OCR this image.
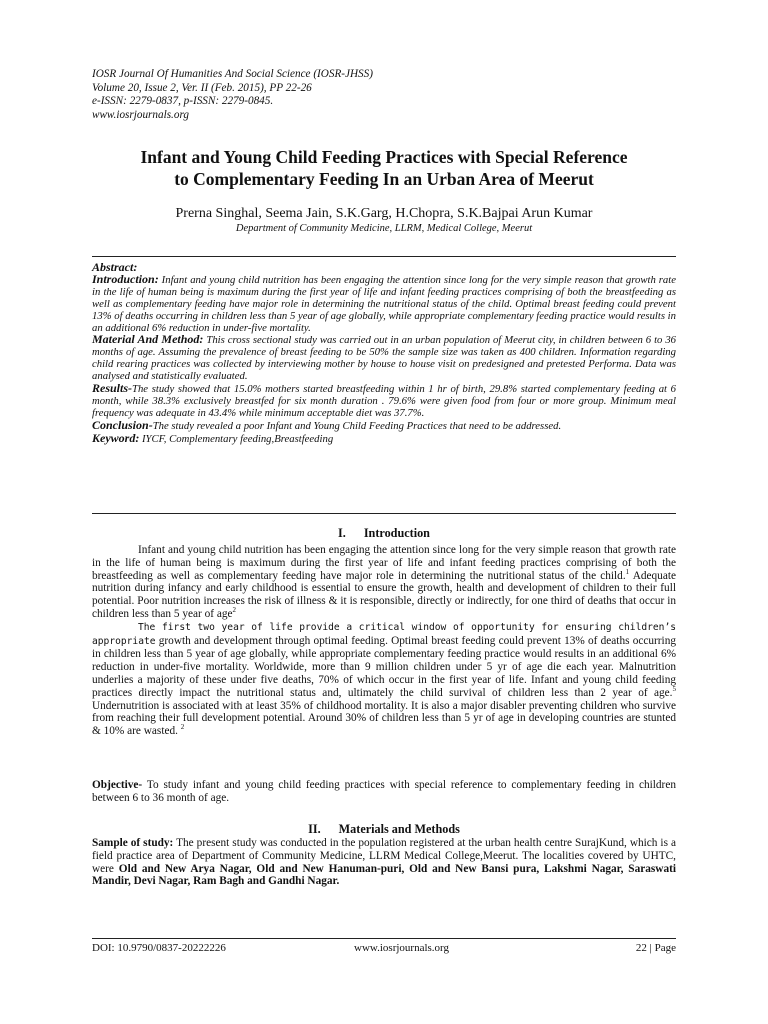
IOSR Journal Of Humanities And Social Science (IOSR-JHSS)
Volume 20, Issue 2, Ver. II (Feb. 2015), PP 22-26
e-ISSN: 2279-0837, p-ISSN: 2279-0845.
www.iosrjournals.org
Infant and Young Child Feeding Practices with Special Reference
to Complementary Feeding In an Urban Area of Meerut
Prerna Singhal, Seema Jain, S.K.Garg, H.Chopra, S.K.Bajpai Arun Kumar
Department of Community Medicine, LLRM, Medical College, Meerut
Abstract:

Introduction: Infant and young child nutrition has been engaging the attention since long for the very simple reason that growth rate in the life of human being is maximum during the first year of life and infant feeding practices comprising of both the breastfeeding as well as complementary feeding have major role in determining the nutritional status of the child. Optimal breast feeding could prevent 13% of deaths occurring in children less than 5 year of age globally, while appropriate complementary feeding practice would results in an additional 6% reduction in under-five mortality.

Material And Method: This cross sectional study was carried out in an urban population of Meerut city, in children between 6 to 36 months of age. Assuming the prevalence of breast feeding to be 50% the sample size was taken as 400 children. Information regarding child rearing practices was collected by interviewing mother by house to house visit on predesigned and pretested Performa. Data was analysed and statistically evaluated.

Results-The study showed that 15.0% mothers started breastfeeding within 1 hr of birth, 29.8% started complementary feeding at 6 month, while 38.3% exclusively breastfed for six month duration . 79.6% were given food from four or more group. Minimum meal frequency was adequate in 43.4% while minimum acceptable diet was 37.7%.

Conclusion-The study revealed a poor Infant and Young Child Feeding Practices that need to be addressed.

Keyword: IYCF, Complementary feeding,Breastfeeding

I. Introduction

Infant and young child nutrition has been engaging the attention since long for the very simple reason that growth rate in the life of human being is maximum during the first year of life and infant feeding practices comprising of both the breastfeeding as well as complementary feeding have major role in determining the nutritional status of the child.$^1$ Adequate nutrition during infancy and early childhood is essential to ensure the growth, health and development of children to their full potential. Poor nutrition increases the risk of illness & it is responsible, directly or indirectly, for one third of deaths that occur in children less than 5 year of age$^2$

The first two year of life provide a critical window of opportunity for ensuring children’s appropriate growth and development through optimal feeding. Optimal breast feeding could prevent 13% of deaths occurring in children less than 5 year of age globally, while appropriate complementary feeding practice would results in an additional 6% reduction in under-five mortality. Worldwide, more than 9 million children under 5 yr of age die each year. Malnutrition underlies a majority of these under five deaths, 70% of which occur in the first year of life. Infant and young child feeding practices directly impact the nutritional status and, ultimately the child survival of children less than 2 year of age.$^5$ Undernutrition is associated with at least 35% of childhood mortality. It is also a major disabler preventing children who survive from reaching their full development potential. Around 30% of children less than 5 yr of age in developing countries are stunted & 10% are wasted. $^2$

Objective- To study infant and young child feeding practices with special reference to complementary feeding in children between 6 to 36 month of age.

II. Materials and Methods

Sample of study: The present study was conducted in the population registered at the urban health centre SurajKund, which is a field practice area of Department of Community Medicine, LLRM Medical College,Meerut. The localities covered by UHTC, were Old and New Arya Nagar, Old and New Hanuman-puri, Old and New Bansi pura, Lakshmi Nagar, Saraswati Mandir, Devi Nagar, Ram Bagh and Gandhi Nagar.

DOI: 10.9790/0837-20222226	www.iosrjournals.org	22 | Page
